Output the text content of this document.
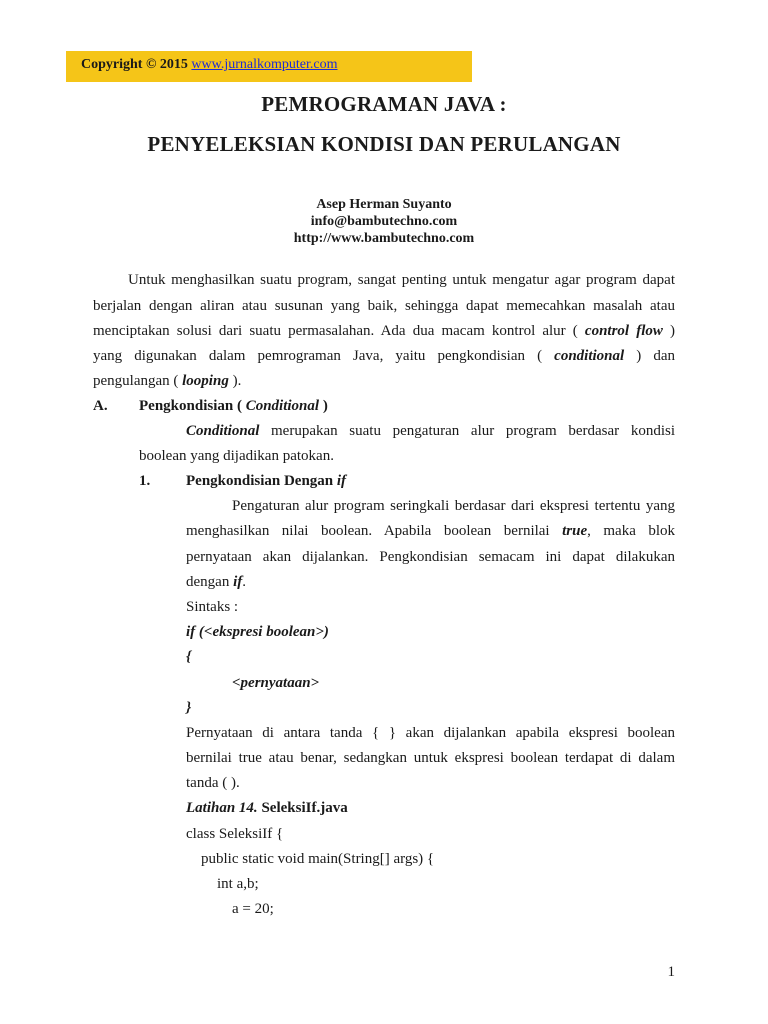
Copyright © 2015 www.jurnalkomputer.com
PEMROGRAMAN JAVA :
PENYELEKSIAN KONDISI DAN PERULANGAN
Asep Herman Suyanto
info@bambutechno.com
http://www.bambutechno.com
Untuk menghasilkan suatu program, sangat penting untuk mengatur agar program dapat
berjalan dengan aliran atau susunan yang baik, sehingga dapat memecahkan masalah atau
menciptakan solusi dari suatu permasalahan. Ada dua macam kontrol alur ( control flow )
yang digunakan dalam pemrograman Java, yaitu pengkondisian ( conditional ) dan
pengulangan ( looping ).
A. Pengkondisian ( Conditional )
Conditional merupakan suatu pengaturan alur program berdasar kondisi
boolean yang dijadikan patokan.
1. Pengkondisian Dengan if
Pengaturan alur program seringkali berdasar dari ekspresi tertentu yang
menghasilkan nilai boolean. Apabila boolean bernilai true, maka blok
pernyataan akan dijalankan. Pengkondisian semacam ini dapat dilakukan
dengan if.
Sintaks :
if (<ekspresi boolean>)
{
<pernyataan>
}
Pernyataan di antara tanda { } akan dijalankan apabila ekspresi boolean
bernilai true atau benar, sedangkan untuk ekspresi boolean terdapat di dalam
tanda ( ).
Latihan 14. SeleksiIf.java
class SeleksiIf {
public static void main(String[] args) {
int a,b;
a = 20;
1
